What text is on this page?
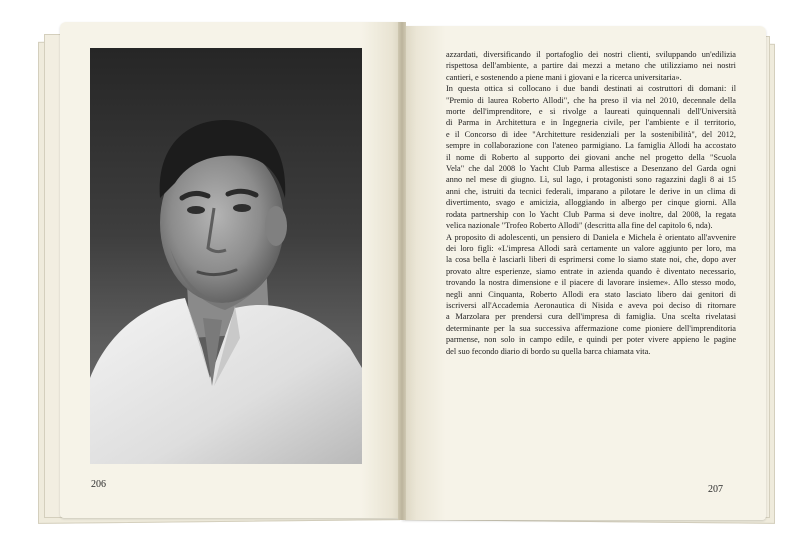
206
azzardati, diversificando il portafoglio dei nostri clienti, sviluppando un'edilizia
rispettosa dell'ambiente, a partire dai mezzi a metano che utilizziamo nei nostri
cantieri, e sostenendo a piene mani i giovani e la ricerca universitaria».
In questa ottica si collocano i due bandi destinati ai costruttori di domani: il
"Premio di laurea Roberto Allodi", che ha preso il via nel 2010, decennale della
morte dell'imprenditore, e si rivolge a laureati quinquennali dell'Università
di Parma in Architettura e in Ingegneria civile, per l'ambiente e il territorio,
e il Concorso di idee "Architetture residenziali per la sostenibilità", del 2012,
sempre in collaborazione con l'ateneo parmigiano. La famiglia Allodi ha accostato
il nome di Roberto al supporto dei giovani anche nel progetto della "Scuola
Vela" che dal 2008 lo Yacht Club Parma allestisce a Desenzano del Garda ogni
anno nel mese di giugno. Lì, sul lago, i protagonisti sono ragazzini dagli 8 ai 15
anni che, istruiti da tecnici federali, imparano a pilotare le derive in un clima di
divertimento, svago e amicizia, alloggiando in albergo per cinque giorni. Alla
rodata partnership con lo Yacht Club Parma si deve inoltre, dal 2008, la regata
velica nazionale "Trofeo Roberto Allodi" (descritta alla fine del capitolo 6, nda).
A proposito di adolescenti, un pensiero di Daniela e Michela è orientato all'avvenire
dei loro figli: «L'impresa Allodi sarà certamente un valore aggiunto per loro, ma
la cosa bella è lasciarli liberi di esprimersi come lo siamo state noi, che, dopo aver
provato altre esperienze, siamo entrate in azienda quando è diventato necessario,
trovando la nostra dimensione e il piacere di lavorare insieme». Allo stesso modo,
negli anni Cinquanta, Roberto Allodi era stato lasciato libero dai genitori di
iscriversi all'Accademia Aeronautica di Nisida e aveva poi deciso di ritornare
a Marzolara per prendersi cura dell'impresa di famiglia. Una scelta rivelatasi
determinante per la sua successiva affermazione come pioniere dell'imprenditoria
parmense, non solo in campo edile, e quindi per poter vivere appieno le pagine
del suo fecondo diario di bordo su quella barca chiamata vita.
207
